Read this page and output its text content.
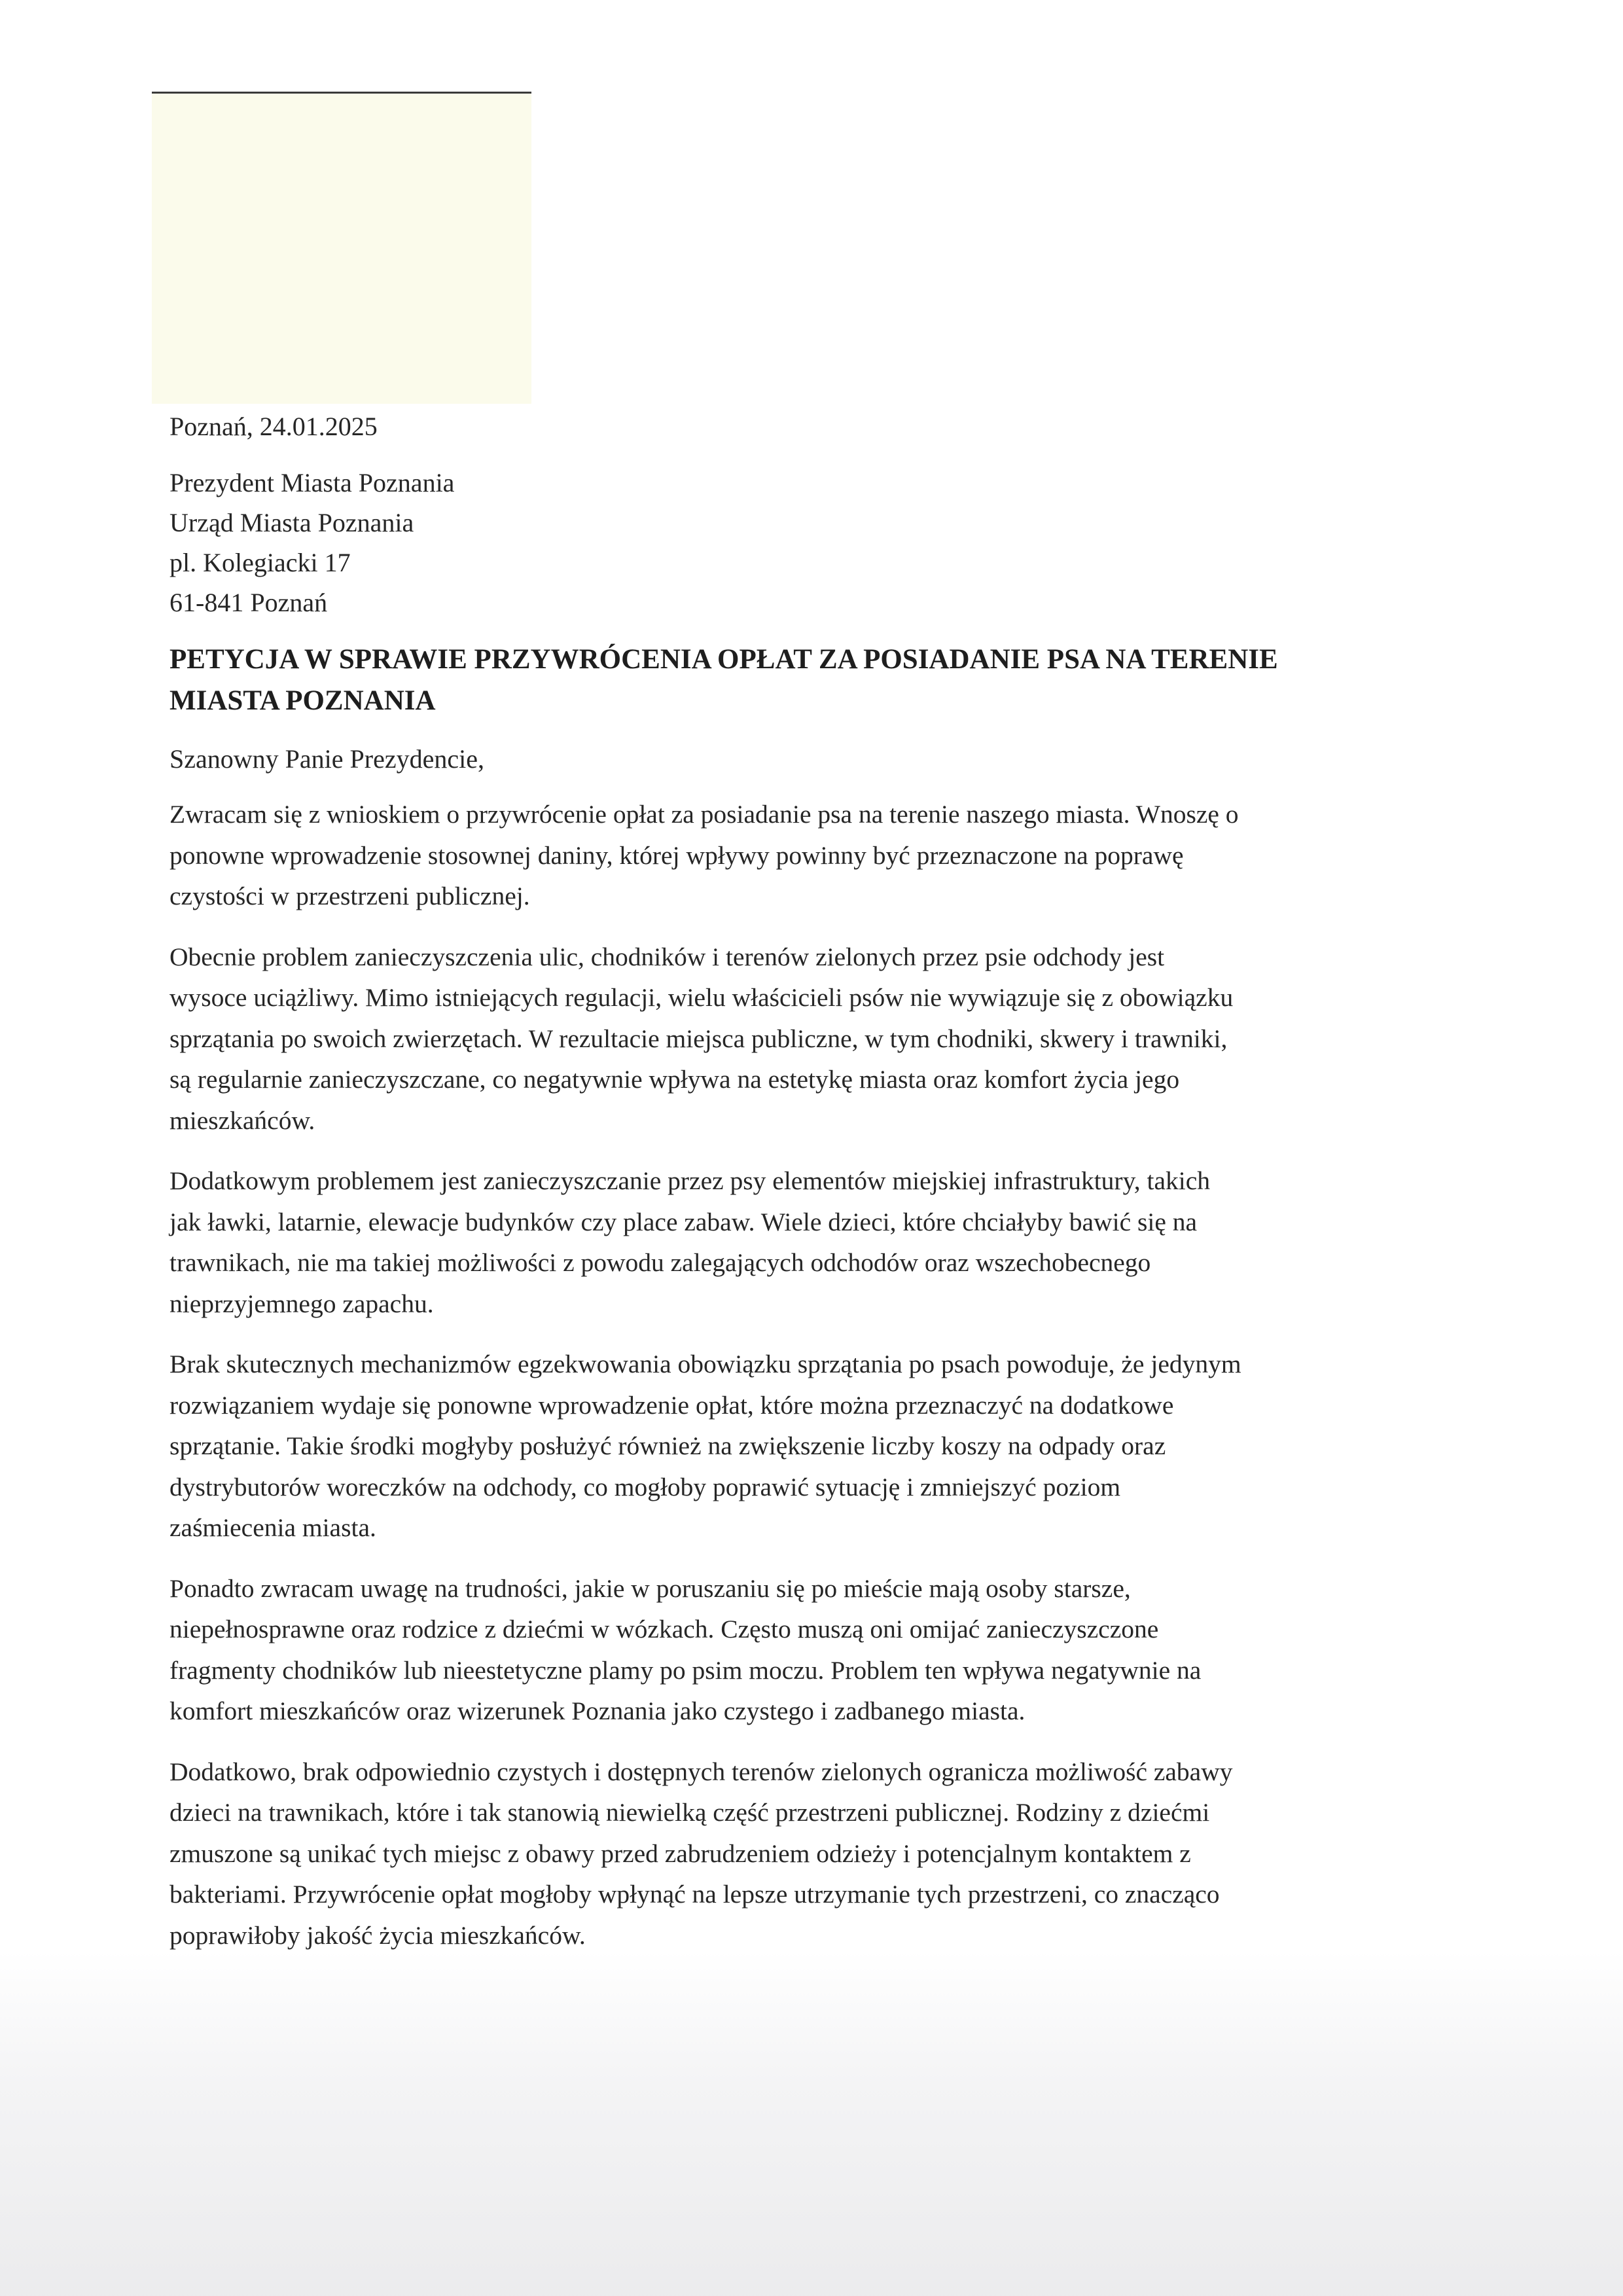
Poznań, 24.01.2025
Prezydent Miasta Poznania
Urząd Miasta Poznania
pl. Kolegiacki 17
61-841 Poznań
PETYCJA W SPRAWIE PRZYWRÓCENIA OPŁAT ZA POSIADANIE PSA NA TERENIE
MIASTA POZNANIA
Szanowny Panie Prezydencie,

Zwracam się z wnioskiem o przywrócenie opłat za posiadanie psa na terenie naszego miasta. Wnoszę o
ponowne wprowadzenie stosownej daniny, której wpływy powinny być przeznaczone na poprawę
czystości w przestrzeni publicznej.

Obecnie problem zanieczyszczenia ulic, chodników i terenów zielonych przez psie odchody jest
wysoce uciążliwy. Mimo istniejących regulacji, wielu właścicieli psów nie wywiązuje się z obowiązku
sprzątania po swoich zwierzętach. W rezultacie miejsca publiczne, w tym chodniki, skwery i trawniki,
są regularnie zanieczyszczane, co negatywnie wpływa na estetykę miasta oraz komfort życia jego
mieszkańców.

Dodatkowym problemem jest zanieczyszczanie przez psy elementów miejskiej infrastruktury, takich
jak ławki, latarnie, elewacje budynków czy place zabaw. Wiele dzieci, które chciałyby bawić się na
trawnikach, nie ma takiej możliwości z powodu zalegających odchodów oraz wszechobecnego
nieprzyjemnego zapachu.

Brak skutecznych mechanizmów egzekwowania obowiązku sprzątania po psach powoduje, że jedynym
rozwiązaniem wydaje się ponowne wprowadzenie opłat, które można przeznaczyć na dodatkowe
sprzątanie. Takie środki mogłyby posłużyć również na zwiększenie liczby koszy na odpady oraz
dystrybutorów woreczków na odchody, co mogłoby poprawić sytuację i zmniejszyć poziom
zaśmiecenia miasta.

Ponadto zwracam uwagę na trudności, jakie w poruszaniu się po mieście mają osoby starsze,
niepełnosprawne oraz rodzice z dziećmi w wózkach. Często muszą oni omijać zanieczyszczone
fragmenty chodników lub nieestetyczne plamy po psim moczu. Problem ten wpływa negatywnie na
komfort mieszkańców oraz wizerunek Poznania jako czystego i zadbanego miasta.

Dodatkowo, brak odpowiednio czystych i dostępnych terenów zielonych ogranicza możliwość zabawy
dzieci na trawnikach, które i tak stanowią niewielką część przestrzeni publicznej. Rodziny z dziećmi
zmuszone są unikać tych miejsc z obawy przed zabrudzeniem odzieży i potencjalnym kontaktem z
bakteriami. Przywrócenie opłat mogłoby wpłynąć na lepsze utrzymanie tych przestrzeni, co znacząco
poprawiłoby jakość życia mieszkańców.
